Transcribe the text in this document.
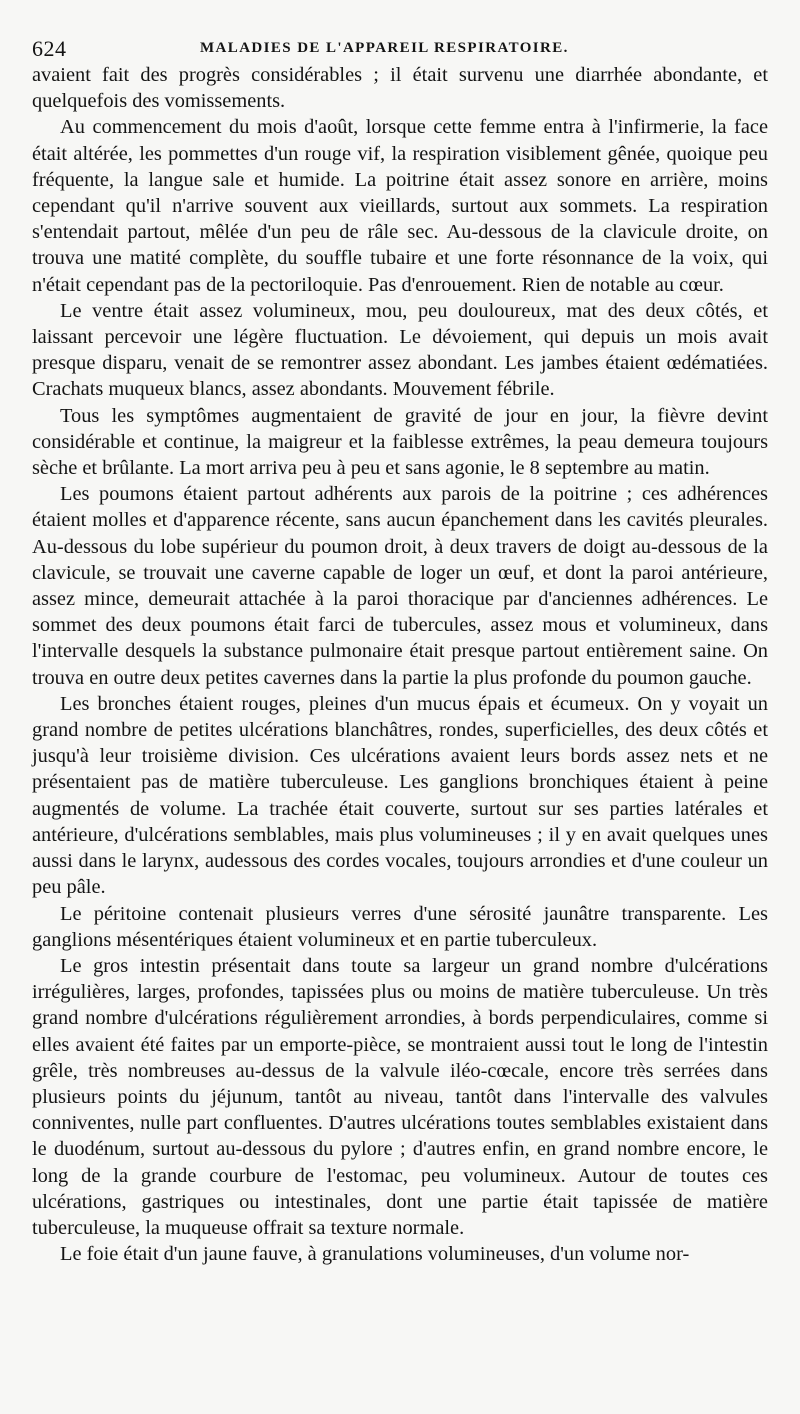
624	MALADIES DE L'APPAREIL RESPIRATOIRE.

avaient fait des progrès considérables ; il était survenu une diarrhée abondante, et quelquefois des vomissements.

Au commencement du mois d'août, lorsque cette femme entra à l'infirmerie, la face était altérée, les pommettes d'un rouge vif, la respiration visiblement gênée, quoique peu fréquente, la langue sale et humide. La poitrine était assez sonore en arrière, moins cependant qu'il n'arrive souvent aux vieillards, surtout aux sommets. La respiration s'entendait partout, mêlée d'un peu de râle sec. Au-dessous de la clavicule droite, on trouva une matité complète, du souffle tubaire et une forte résonnance de la voix, qui n'était cependant pas de la pectoriloquie. Pas d'enrouement. Rien de notable au cœur.

Le ventre était assez volumineux, mou, peu douloureux, mat des deux côtés, et laissant percevoir une légère fluctuation. Le dévoiement, qui depuis un mois avait presque disparu, venait de se remontrer assez abondant. Les jambes étaient œdématiées. Crachats muqueux blancs, assez abondants. Mouvement fébrile.

Tous les symptômes augmentaient de gravité de jour en jour, la fièvre devint considérable et continue, la maigreur et la faiblesse extrêmes, la peau demeura toujours sèche et brûlante. La mort arriva peu à peu et sans agonie, le 8 septembre au matin.

Les poumons étaient partout adhérents aux parois de la poitrine ; ces adhérences étaient molles et d'apparence récente, sans aucun épanchement dans les cavités pleurales. Au-dessous du lobe supérieur du poumon droit, à deux travers de doigt au-dessous de la clavicule, se trouvait une caverne capable de loger un œuf, et dont la paroi antérieure, assez mince, demeurait attachée à la paroi thoracique par d'anciennes adhérences. Le sommet des deux poumons était farci de tubercules, assez mous et volumineux, dans l'intervalle desquels la substance pulmonaire était presque partout entièrement saine. On trouva en outre deux petites cavernes dans la partie la plus profonde du poumon gauche.

Les bronches étaient rouges, pleines d'un mucus épais et écumeux. On y voyait un grand nombre de petites ulcérations blanchâtres, rondes, superficielles, des deux côtés et jusqu'à leur troisième division. Ces ulcérations avaient leurs bords assez nets et ne présentaient pas de matière tuberculeuse. Les ganglions bronchiques étaient à peine augmentés de volume. La trachée était couverte, surtout sur ses parties latérales et antérieure, d'ulcérations semblables, mais plus volumineuses ; il y en avait quelques unes aussi dans le larynx, audessous des cordes vocales, toujours arrondies et d'une couleur un peu pâle.

Le péritoine contenait plusieurs verres d'une sérosité jaunâtre transparente. Les ganglions mésentériques étaient volumineux et en partie tuberculeux.

Le gros intestin présentait dans toute sa largeur un grand nombre d'ulcérations irrégulières, larges, profondes, tapissées plus ou moins de matière tuberculeuse. Un très grand nombre d'ulcérations régulièrement arrondies, à bords perpendiculaires, comme si elles avaient été faites par un emporte-pièce, se montraient aussi tout le long de l'intestin grêle, très nombreuses au-dessus de la valvule iléo-cœcale, encore très serrées dans plusieurs points du jéjunum, tantôt au niveau, tantôt dans l'intervalle des valvules conniventes, nulle part confluentes. D'autres ulcérations toutes semblables existaient dans le duodénum, surtout au-dessous du pylore ; d'autres enfin, en grand nombre encore, le long de la grande courbure de l'estomac, peu volumineux. Autour de toutes ces ulcérations, gastriques ou intestinales, dont une partie était tapissée de matière tuberculeuse, la muqueuse offrait sa texture normale.

Le foie était d'un jaune fauve, à granulations volumineuses, d'un volume nor-
